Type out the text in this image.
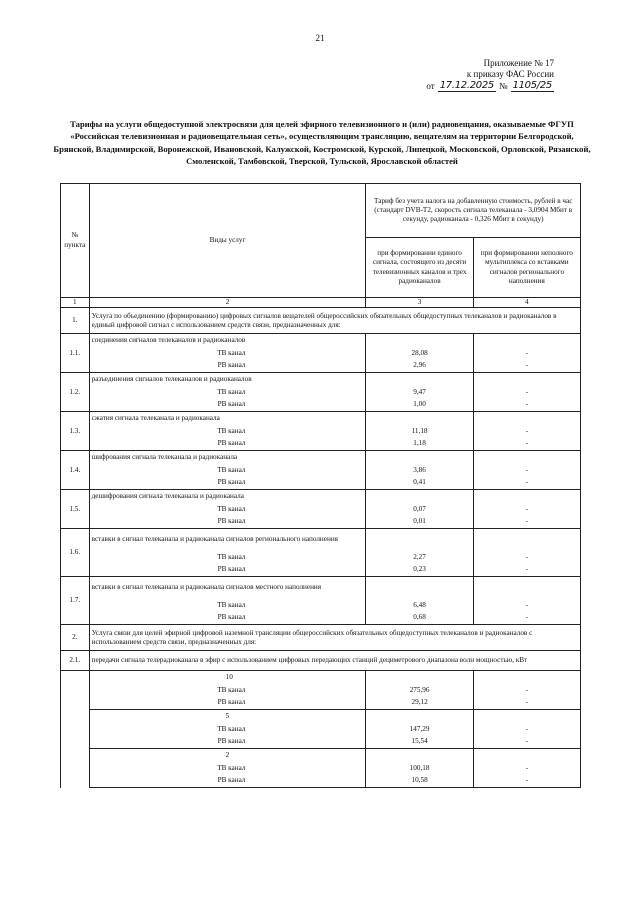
21
Приложение № 17
к приказу ФАС России
от 17.12.2025 № 1105/25
Тарифы на услуги общедоступной электросвязи для целей эфирного телевизионного и (или) радиовещания, оказываемые ФГУП «Российская телевизионная и радиовещательная сеть», осуществляющим трансляцию, вещателям на территории Белгородской, Брянской, Владимирской, Воронежской, Ивановской, Калужской, Костромской, Курской, Липецкой, Московской, Орловской, Рязанской, Смоленской, Тамбовской, Тверской, Тульской, Ярославской областей
№ пункта	Виды услуг	Тариф без учета налога на добавленную стоимость, рублей в час (стандарт DVB-T2, скорость сигнала телеканала - 3,0904 Мбит в секунду, радиоканала - 0,326 Мбит в секунду)	
		при формировании единого сигнала, состоящего из десяти телевизионных каналов и трех радиоканалов	при формировании неполного мультиплекса со вставками сигналов регионального наполнения
1	2	3	4
1.	Услуга по объединению (формированию) цифровых сигналов вещателей общероссийских обязательных общедоступных телеканалов и радиоканалов в единый цифровой сигнал с использованием средств связи, предназначенных для:		
1.1.	соединения сигналов телеканалов и радиоканалов		
	ТВ канал	28,08	-
	РВ канал	2,96	-
1.2.	разъединения сигналов телеканалов и радиоканалов		
	ТВ канал	9,47	-
	РВ канал	1,00	-
1.3.	сжатия сигнала телеканала и радиоканала		
	ТВ канал	11,18	-
	РВ канал	1,18	-
1.4.	шифрования сигнала телеканала и радиоканала		
	ТВ канал	3,86	-
	РВ канал	0,41	-
1.5.	дешифрования сигнала телеканала и радиоканала		
	ТВ канал	0,07	-
	РВ канал	0,01	-
1.6.	вставки в сигнал телеканала и радиоканала сигналов регионального наполнения		
	ТВ канал	2,27	-
	РВ канал	0,23	-
1.7.	вставки в сигнал телеканала и радиоканала сигналов местного наполнения		
	ТВ канал	6,48	-
	РВ канал	0,68	-
2.	Услуга связи для целей эфирной цифровой наземной трансляции общероссийских обязательных общедоступных телеканалов и радиоканалов с использованием средств связи, предназначенных для:		
2.1.	передачи сигнала телерадиоканала в эфир с использованием цифровых передающих станций дециметрового диапазона волн мощностью, кВт		
	10		
	ТВ канал	275,96	-
	РВ канал	29,12	-
	5		
	ТВ канал	147,29	-
	РВ канал	15,54	-
	2		
	ТВ канал	100,18	-
	РВ канал	10,58	-
